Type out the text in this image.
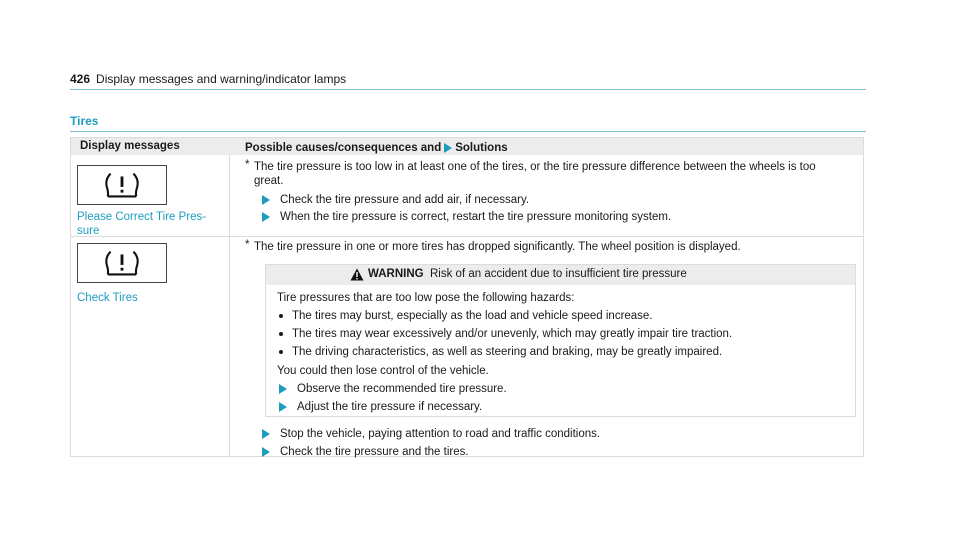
426 Display messages and warning/indicator lamps
Tires
Display messages	Possible causes/consequences and Solutions
Please Correct Tire Pres-
sure
* The tire pressure is too low in at least one of the tires, or the tire pressure difference between the wheels is too
great.
Check the tire pressure and add air, if necessary.
When the tire pressure is correct, restart the tire pressure monitoring system.
Check Tires
* The tire pressure in one or more tires has dropped significantly. The wheel position is displayed.
WARNING Risk of an accident due to insufficient tire pressure
Tire pressures that are too low pose the following hazards:
The tires may burst, especially as the load and vehicle speed increase.
The tires may wear excessively and/or unevenly, which may greatly impair tire traction.
The driving characteristics, as well as steering and braking, may be greatly impaired.
You could then lose control of the vehicle.
Observe the recommended tire pressure.
Adjust the tire pressure if necessary.
Stop the vehicle, paying attention to road and traffic conditions.
Check the tire pressure and the tires.
